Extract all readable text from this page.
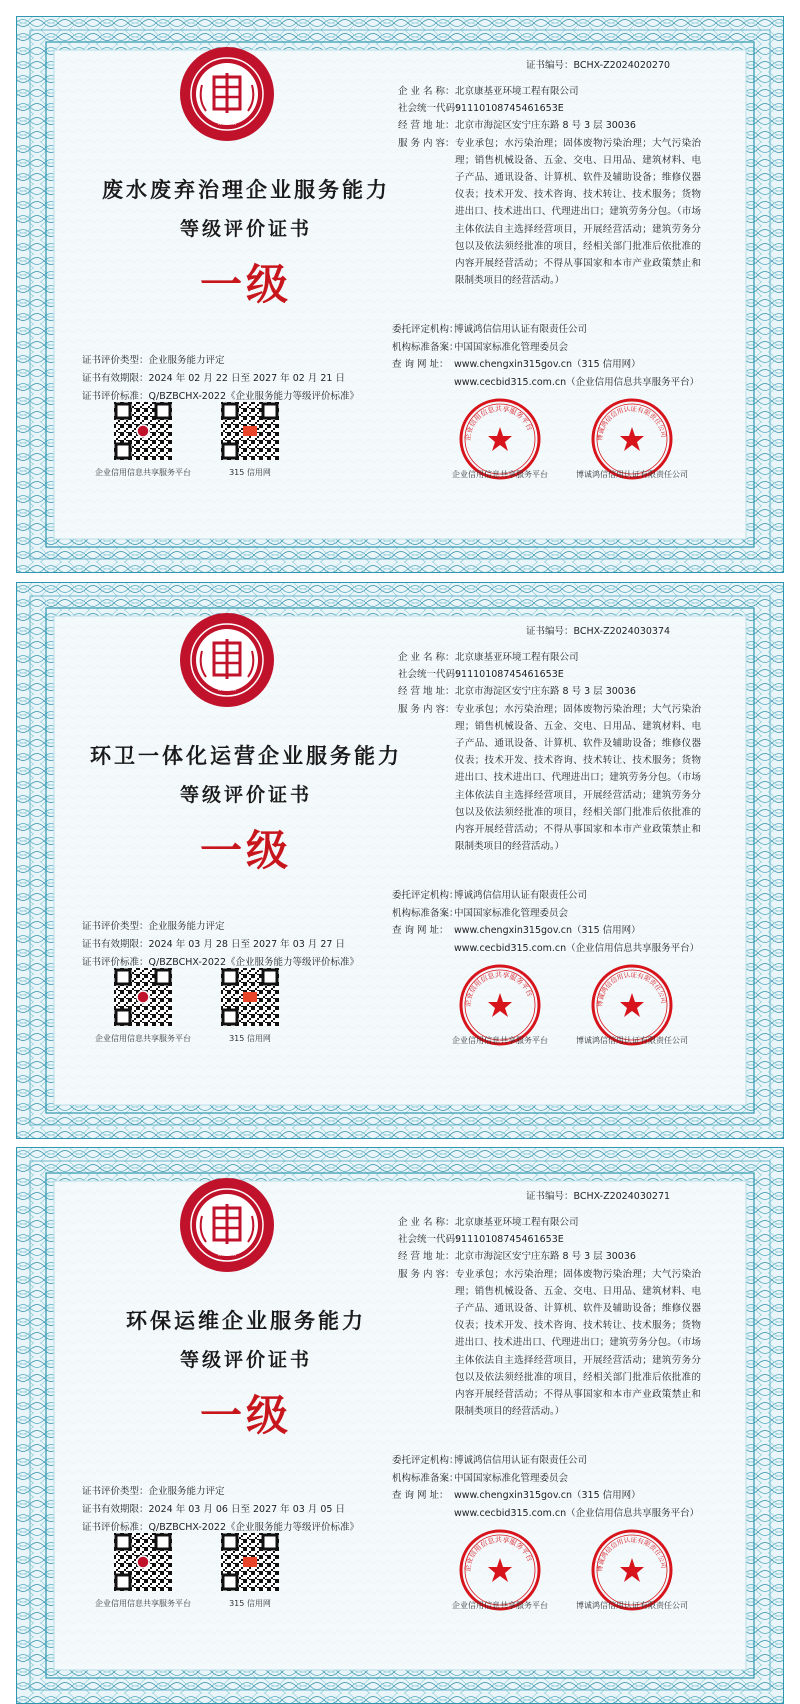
★ ★ ★
废水废弃治理企业服务能力
等级评价证书
一级
证书评价类型：企业服务能力评定
证书有效期限：2024 年 02 月 22 日至 2027 年 02 月 21 日
证书评价标准：Q/BZBCHX-2022《企业服务能力等级评价标准》
企业信用信息共享服务平台	315 信用网
证书编号：BCHX-Z2024020270
企 业 名 称： 北京康基亚环境工程有限公司
社会统一代码：
91110108745461653E
经 营 地 址： 北京市海淀区安宁庄东路 8 号 3 层 30036
服 务 内 容： 专业承包；水污染治理；固体废物污染治理；大气污染治理；销售机械设备、五金、交电、日用品、建筑材料、电子产品、通讯设备、计算机、软件及辅助设备；维修仪器仪表；技术开发、技术咨询、技术转让、技术服务；货物进出口、技术进出口、代理进出口；建筑劳务分包。（市场主体依法自主选择经营项目，开展经营活动；建筑劳务分包以及依法须经批准的项目，经相关部门批准后依批准的内容开展经营活动；不得从事国家和本市产业政策禁止和限制类项目的经营活动。）
委托评定机构：
博诚鸿信信用认证有限责任公司
机构标准备案：
中国国家标准化管理委员会
查 询 网 址： www.chengxin315gov.cn（315 信用网）
www.cecbid315.com.cn（企业信用信息共享服务平台）
企业信用信息共享服务平台
企业信用信息共享服务平台
博诚鸿信信用认证有限责任公司
博诚鸿信信用认证有限责任公司
★ ★ ★
环卫一体化运营企业服务能力
等级评价证书
一级
证书评价类型：企业服务能力评定
证书有效期限：2024 年 03 月 28 日至 2027 年 03 月 27 日
证书评价标准：Q/BZBCHX-2022《企业服务能力等级评价标准》
企业信用信息共享服务平台	315 信用网
证书编号：BCHX-Z2024030374
企 业 名 称： 北京康基亚环境工程有限公司
社会统一代码：
91110108745461653E
经 营 地 址： 北京市海淀区安宁庄东路 8 号 3 层 30036
服 务 内 容： 专业承包；水污染治理；固体废物污染治理；大气污染治理；销售机械设备、五金、交电、日用品、建筑材料、电子产品、通讯设备、计算机、软件及辅助设备；维修仪器仪表；技术开发、技术咨询、技术转让、技术服务；货物进出口、技术进出口、代理进出口；建筑劳务分包。（市场主体依法自主选择经营项目，开展经营活动；建筑劳务分包以及依法须经批准的项目，经相关部门批准后依批准的内容开展经营活动；不得从事国家和本市产业政策禁止和限制类项目的经营活动。）
委托评定机构：
博诚鸿信信用认证有限责任公司
机构标准备案：
中国国家标准化管理委员会
查 询 网 址： www.chengxin315gov.cn（315 信用网）
www.cecbid315.com.cn（企业信用信息共享服务平台）
企业信用信息共享服务平台
企业信用信息共享服务平台
博诚鸿信信用认证有限责任公司
博诚鸿信信用认证有限责任公司
★ ★ ★
环保运维企业服务能力
等级评价证书
一级
证书评价类型：企业服务能力评定
证书有效期限：2024 年 03 月 06 日至 2027 年 03 月 05 日
证书评价标准：Q/BZBCHX-2022《企业服务能力等级评价标准》
企业信用信息共享服务平台	315 信用网
证书编号：BCHX-Z2024030271
企 业 名 称： 北京康基亚环境工程有限公司
社会统一代码：
91110108745461653E
经 营 地 址： 北京市海淀区安宁庄东路 8 号 3 层 30036
服 务 内 容： 专业承包；水污染治理；固体废物污染治理；大气污染治理；销售机械设备、五金、交电、日用品、建筑材料、电子产品、通讯设备、计算机、软件及辅助设备；维修仪器仪表；技术开发、技术咨询、技术转让、技术服务；货物进出口、技术进出口、代理进出口；建筑劳务分包。（市场主体依法自主选择经营项目，开展经营活动；建筑劳务分包以及依法须经批准的项目，经相关部门批准后依批准的内容开展经营活动；不得从事国家和本市产业政策禁止和限制类项目的经营活动。）
委托评定机构：
博诚鸿信信用认证有限责任公司
机构标准备案：
中国国家标准化管理委员会
查 询 网 址： www.chengxin315gov.cn（315 信用网）
www.cecbid315.com.cn（企业信用信息共享服务平台）
企业信用信息共享服务平台
企业信用信息共享服务平台
博诚鸿信信用认证有限责任公司
博诚鸿信信用认证有限责任公司
